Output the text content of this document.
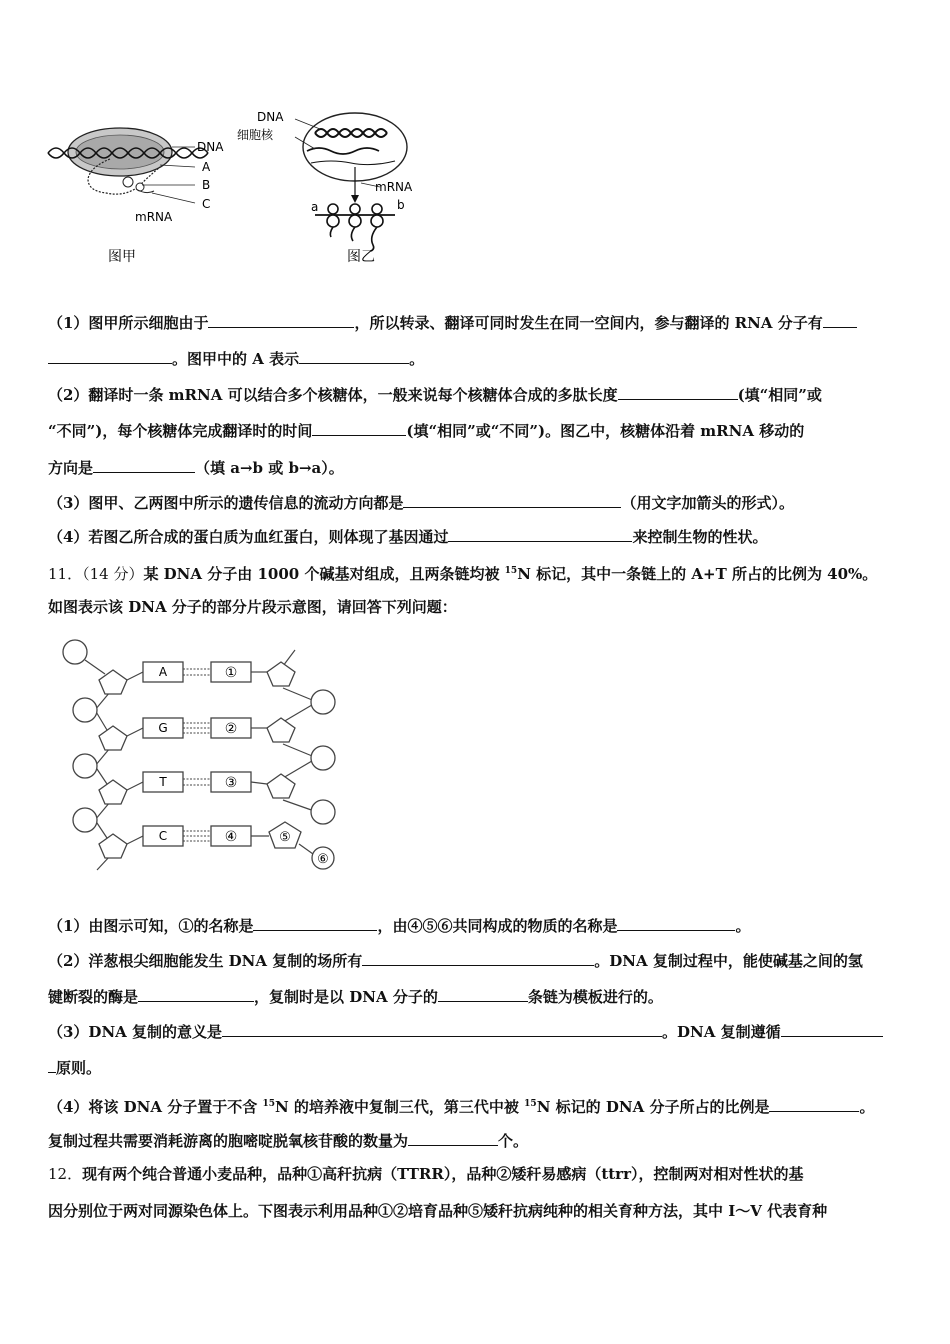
DNA
A
B
C
mRNA
图甲
DNA
细胞核
mRNA
a	b
图乙
（1）图甲所示细胞由于	，所以转录、翻译可同时发生在同一空间内，参与翻译的 RNA 分子有
。图甲中的 A 表示	。
（2）翻译时一条 mRNA 可以结合多个核糖体，一般来说每个核糖体合成的多肽长度	(填“相同”或
“不同”)，每个核糖体完成翻译时的时间	(填“相同”或“不同”)。图乙中，核糖体沿着 mRNA 移动的
方向是	（填 a→b 或 b→a）。
（3）图甲、乙两图中所示的遗传信息的流动方向都是	（用文字加箭头的形式）。
（4）若图乙所合成的蛋白质为血红蛋白，则体现了基因通过	来控制生物的性状。
11．（14 分）某 DNA 分子由 1000 个碱基对组成，且两条链均被 $^{15}$N 标记，其中一条链上的 A+T 所占的比例为 40%。
如图表示该 DNA 分子的部分片段示意图，请回答下列问题：
A
G
T
C
①
②
③
④	⑤
⑥
（1）由图示可知，①的名称是	，由④⑤⑥共同构成的物质的名称是	。
（2）洋葱根尖细胞能发生 DNA 复制的场所有	。DNA 复制过程中，能使碱基之间的氢
键断裂的酶是	，复制时是以 DNA 分子的	条链为模板进行的。
（3）DNA 复制的意义是	。DNA 复制遵循
原则。
（4）将该 DNA 分子置于不含 $^{15}$N 的培养液中复制三代，第三代中被 $^{15}$N 标记的 DNA 分子所占的比例是	。
复制过程共需要消耗游离的胞嘧啶脱氧核苷酸的数量为	个。
12．现有两个纯合普通小麦品种，品种①高秆抗病（TTRR），品种②矮秆易感病（ttrr），控制两对相对性状的基
因分别位于两对同源染色体上。下图表示利用品种①②培育品种⑤矮秆抗病纯种的相关育种方法，其中 I～V 代表育种
